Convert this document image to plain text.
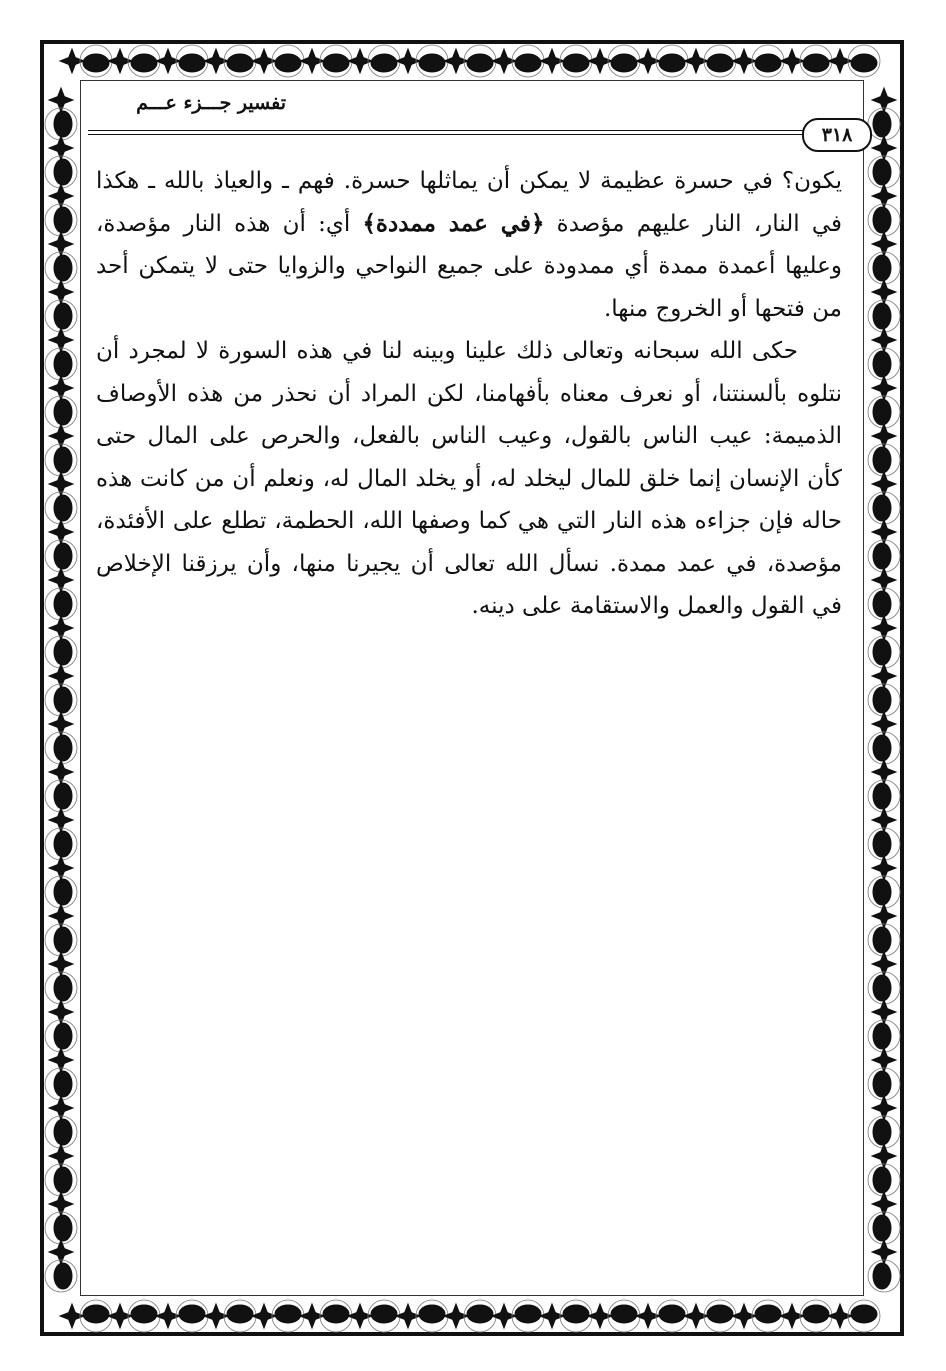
تفسير جـــزء عـــم
٣١٨

يكون؟ في حسرة عظيمة لا يمكن أن يماثلها حسرة. فهم ـ والعياذ بالله ـ هكذا في النار، النار عليهم مؤصدة ﴿في عمد ممددة﴾ أي: أن هذه النار مؤصدة، وعليها أعمدة ممدة أي ممدودة على جميع النواحي والزوايا حتى لا يتمكن أحد من فتحها أو الخروج منها.

حكى الله سبحانه وتعالى ذلك علينا وبينه لنا في هذه السورة لا لمجرد أن نتلوه بألسنتنا، أو نعرف معناه بأفهامنا، لكن المراد أن نحذر من هذه الأوصاف الذميمة: عيب الناس بالقول، وعيب الناس بالفعل، والحرص على المال حتى كأن الإنسان إنما خلق للمال ليخلد له، أو يخلد المال له، ونعلم أن من كانت هذه حاله فإن جزاءه هذه النار التي هي كما وصفها الله، الحطمة، تطلع على الأفئدة، مؤصدة، في عمد ممدة. نسأل الله تعالى أن يجيرنا منها، وأن يرزقنا الإخلاص في القول والعمل والاستقامة على دينه.
